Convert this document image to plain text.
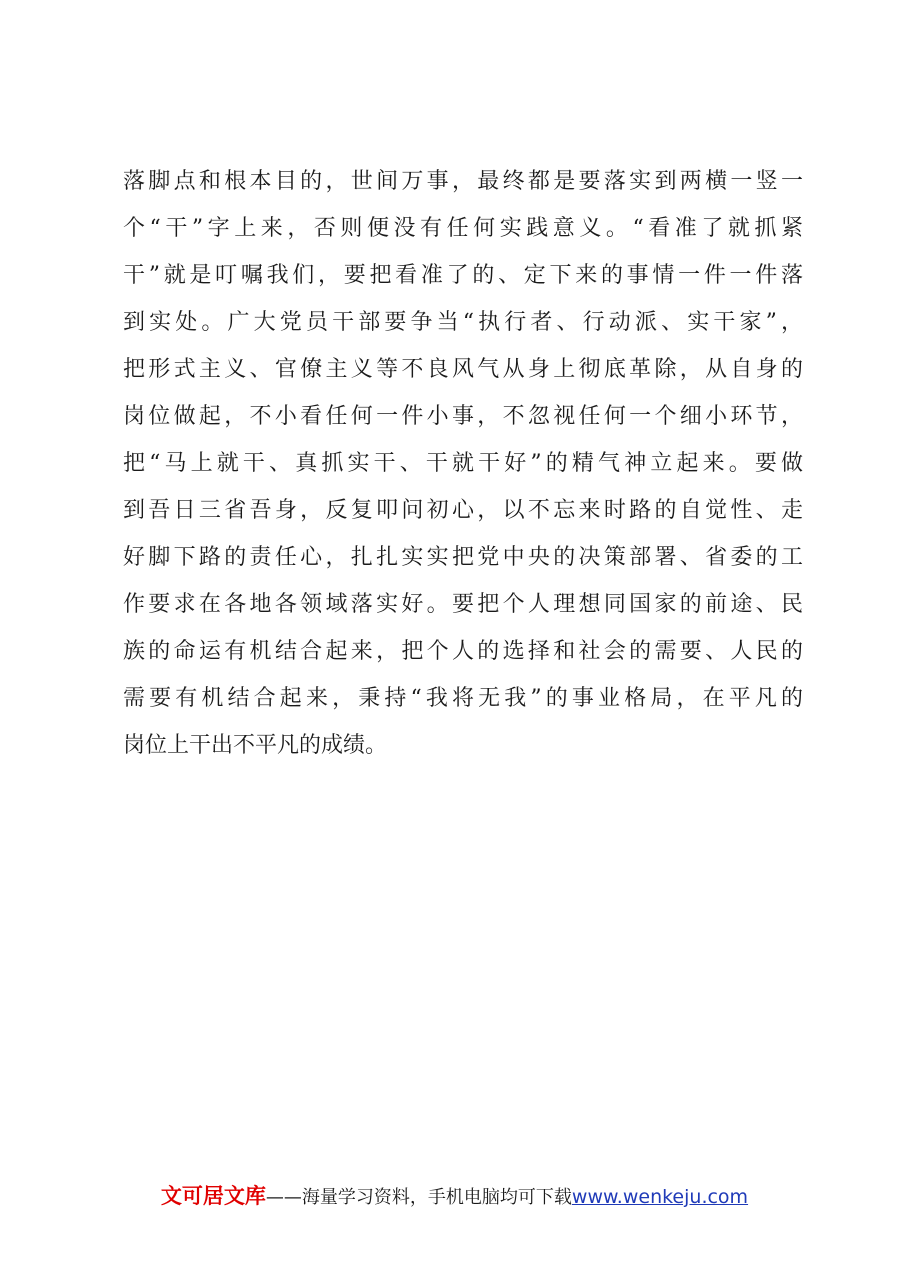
落脚点和根本目的，世间万事，最终都是要落实到两横一竖一
个“干”字上来，否则便没有任何实践意义。“看准了就抓紧
干”就是叮嘱我们，要把看准了的、定下来的事情一件一件落
到实处。广大党员干部要争当“执行者、行动派、实干家”，
把形式主义、官僚主义等不良风气从身上彻底革除，从自身的
岗位做起，不小看任何一件小事，不忽视任何一个细小环节，
把“马上就干、真抓实干、干就干好”的精气神立起来。要做
到吾日三省吾身，反复叩问初心，以不忘来时路的自觉性、走
好脚下路的责任心，扎扎实实把党中央的决策部署、省委的工
作要求在各地各领域落实好。要把个人理想同国家的前途、民
族的命运有机结合起来，把个人的选择和社会的需要、人民的
需要有机结合起来，秉持“我将无我”的事业格局，在平凡的
岗位上干出不平凡的成绩。
文可居文库——海量学习资料，手机电脑均可下载www.wenkeju.com
